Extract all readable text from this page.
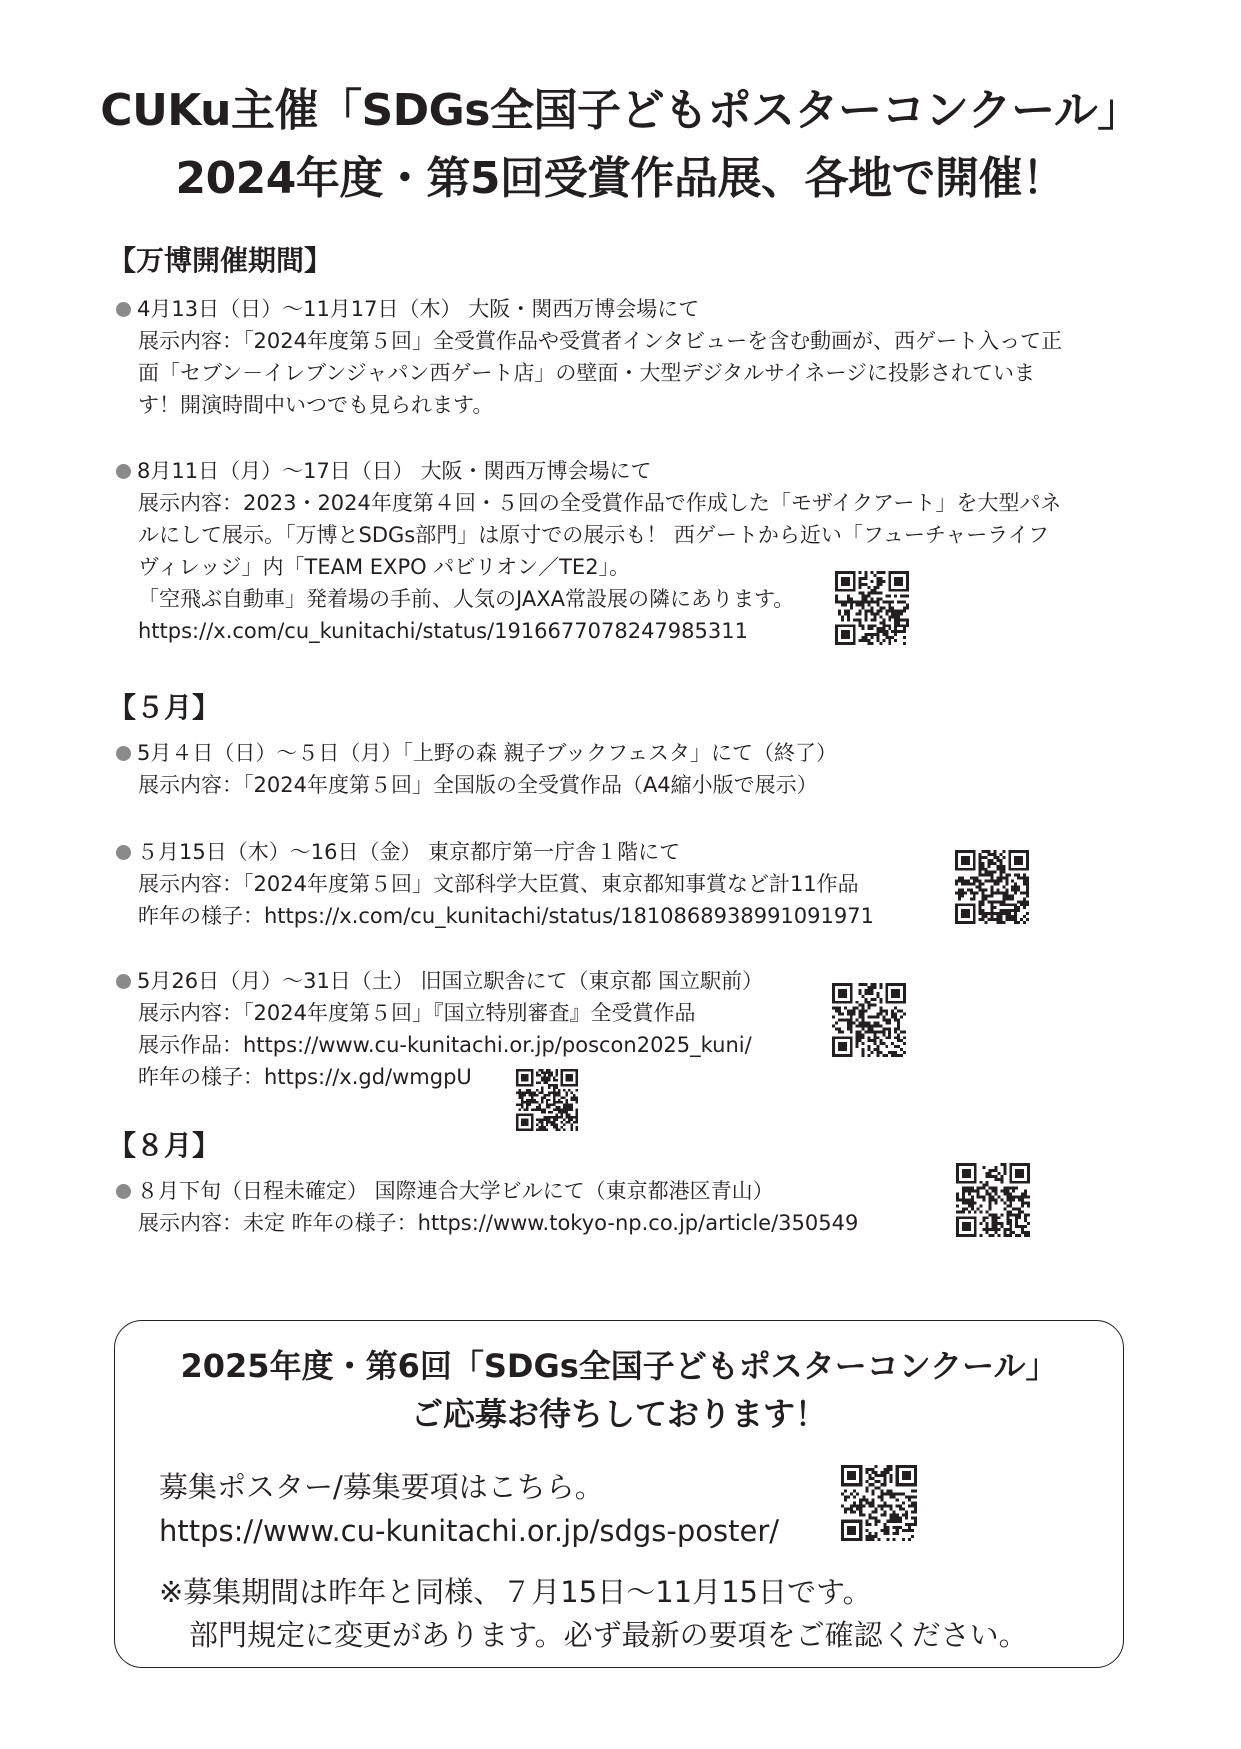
CUKu主催「SDGs全国子どもポスターコンクール」
2024年度・第5回受賞作品展、各地で開催！
【万博開催期間】
4月13日（日）～11月17日（木） 大阪・関西万博会場にて
展示内容：「2024年度第５回」全受賞作品や受賞者インタビューを含む動画が、西ゲート入って正
面「セブン－イレブンジャパン西ゲート店」の壁面・大型デジタルサイネージに投影されていま
す！開演時間中いつでも見られます。
8月11日（月）～17日（日） 大阪・関西万博会場にて
展示内容：2023・2024年度第４回・５回の全受賞作品で作成した「モザイクアート」を大型パネ
ルにして展示。「万博とSDGs部門」は原寸での展示も！ 西ゲートから近い「フューチャーライフ
ヴィレッジ」内「TEAM EXPO パビリオン／TE2」。
「空飛ぶ自動車」発着場の手前、人気のJAXA常設展の隣にあります。
https://x.com/cu_kunitachi/status/1916677078247985311
【５月】
5月４日（日）～５日（月）「上野の森 親子ブックフェスタ」にて（終了）
展示内容：「2024年度第５回」全国版の全受賞作品（A4縮小版で展示）
５月15日（木）～16日（金） 東京都庁第一庁舎１階にて
展示内容：「2024年度第５回」文部科学大臣賞、東京都知事賞など計11作品
昨年の様子：https://x.com/cu_kunitachi/status/1810868938991091971
5月26日（月）～31日（土） 旧国立駅舎にて（東京都 国立駅前）
展示内容：「2024年度第５回」『国立特別審査』全受賞作品
展示作品：https://www.cu-kunitachi.or.jp/poscon2025_kuni/
昨年の様子：https://x.gd/wmgpU
【８月】
８月下旬（日程未確定） 国際連合大学ビルにて（東京都港区青山）
展示内容：未定 昨年の様子：https://www.tokyo-np.co.jp/article/350549
2025年度・第6回「SDGs全国子どもポスターコンクール」
ご応募お待ちしております！
募集ポスター/募集要項はこちら。
https://www.cu-kunitachi.or.jp/sdgs-poster/
※募集期間は昨年と同様、７月15日～11月15日です。
部門規定に変更があります。必ず最新の要項をご確認ください。
